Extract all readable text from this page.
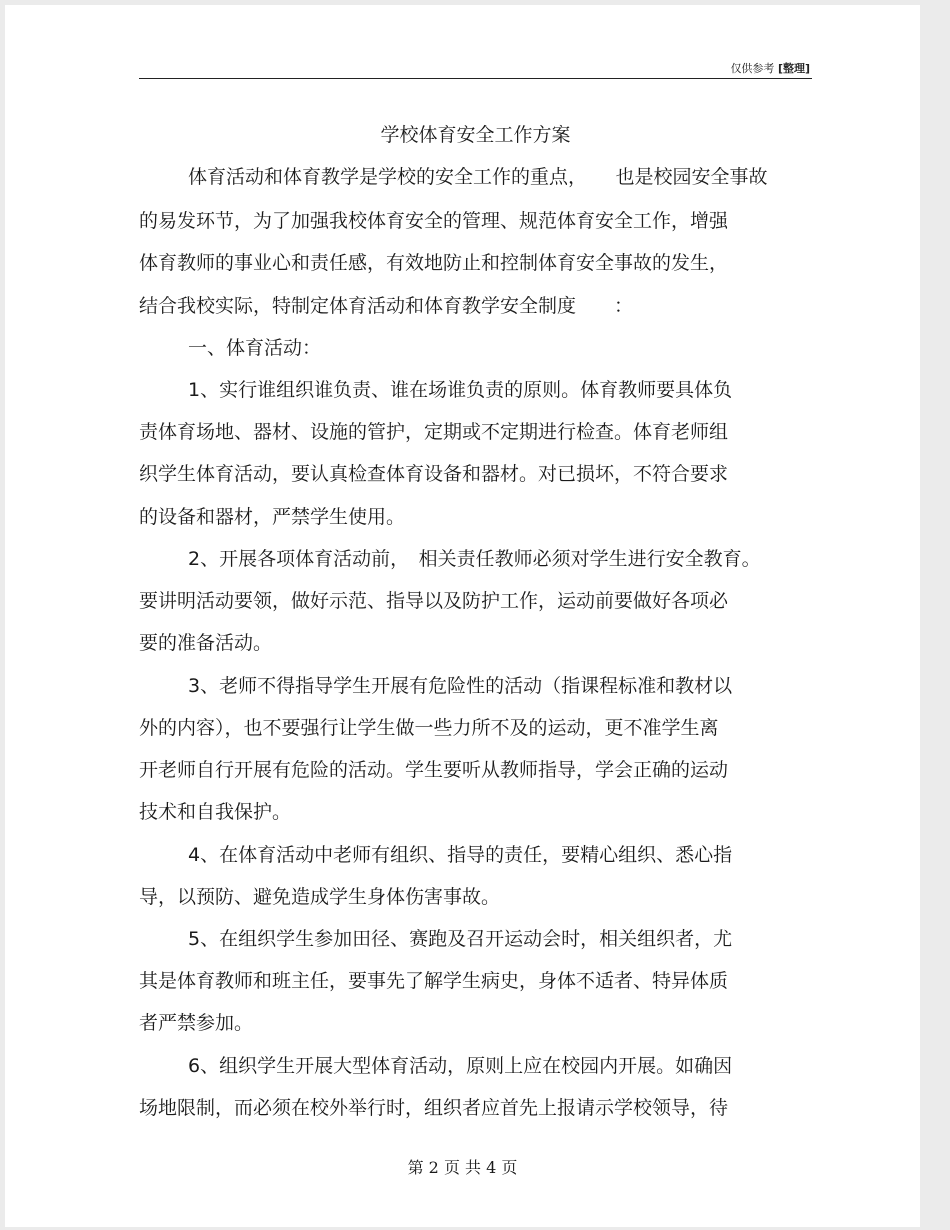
仅供参考 [整理]
学校体育安全工作方案
体育活动和体育教学是学校的安全工作的重点，　　也是校园安全事故
的易发环节，为了加强我校体育安全的管理、规范体育安全工作，增强
体育教师的事业心和责任感，有效地防止和控制体育安全事故的发生，
结合我校实际，特制定体育活动和体育教学安全制度　　：
一、体育活动：
1、实行谁组织谁负责、谁在场谁负责的原则。体育教师要具体负
责体育场地、器材、设施的管护，定期或不定期进行检查。体育老师组
织学生体育活动，要认真检查体育设备和器材。对已损坏，不符合要求
的设备和器材，严禁学生使用。
2、开展各项体育活动前，　相关责任教师必须对学生进行安全教育。
要讲明活动要领，做好示范、指导以及防护工作，运动前要做好各项必
要的准备活动。
3、老师不得指导学生开展有危险性的活动（指课程标准和教材以
外的内容），也不要强行让学生做一些力所不及的运动，更不准学生离
开老师自行开展有危险的活动。学生要听从教师指导，学会正确的运动
技术和自我保护。
4、在体育活动中老师有组织、指导的责任，要精心组织、悉心指
导，以预防、避免造成学生身体伤害事故。
5、在组织学生参加田径、赛跑及召开运动会时，相关组织者，尤
其是体育教师和班主任，要事先了解学生病史，身体不适者、特异体质
者严禁参加。
6、组织学生开展大型体育活动，原则上应在校园内开展。如确因
场地限制，而必须在校外举行时，组织者应首先上报请示学校领导，待
第 2 页 共 4 页
